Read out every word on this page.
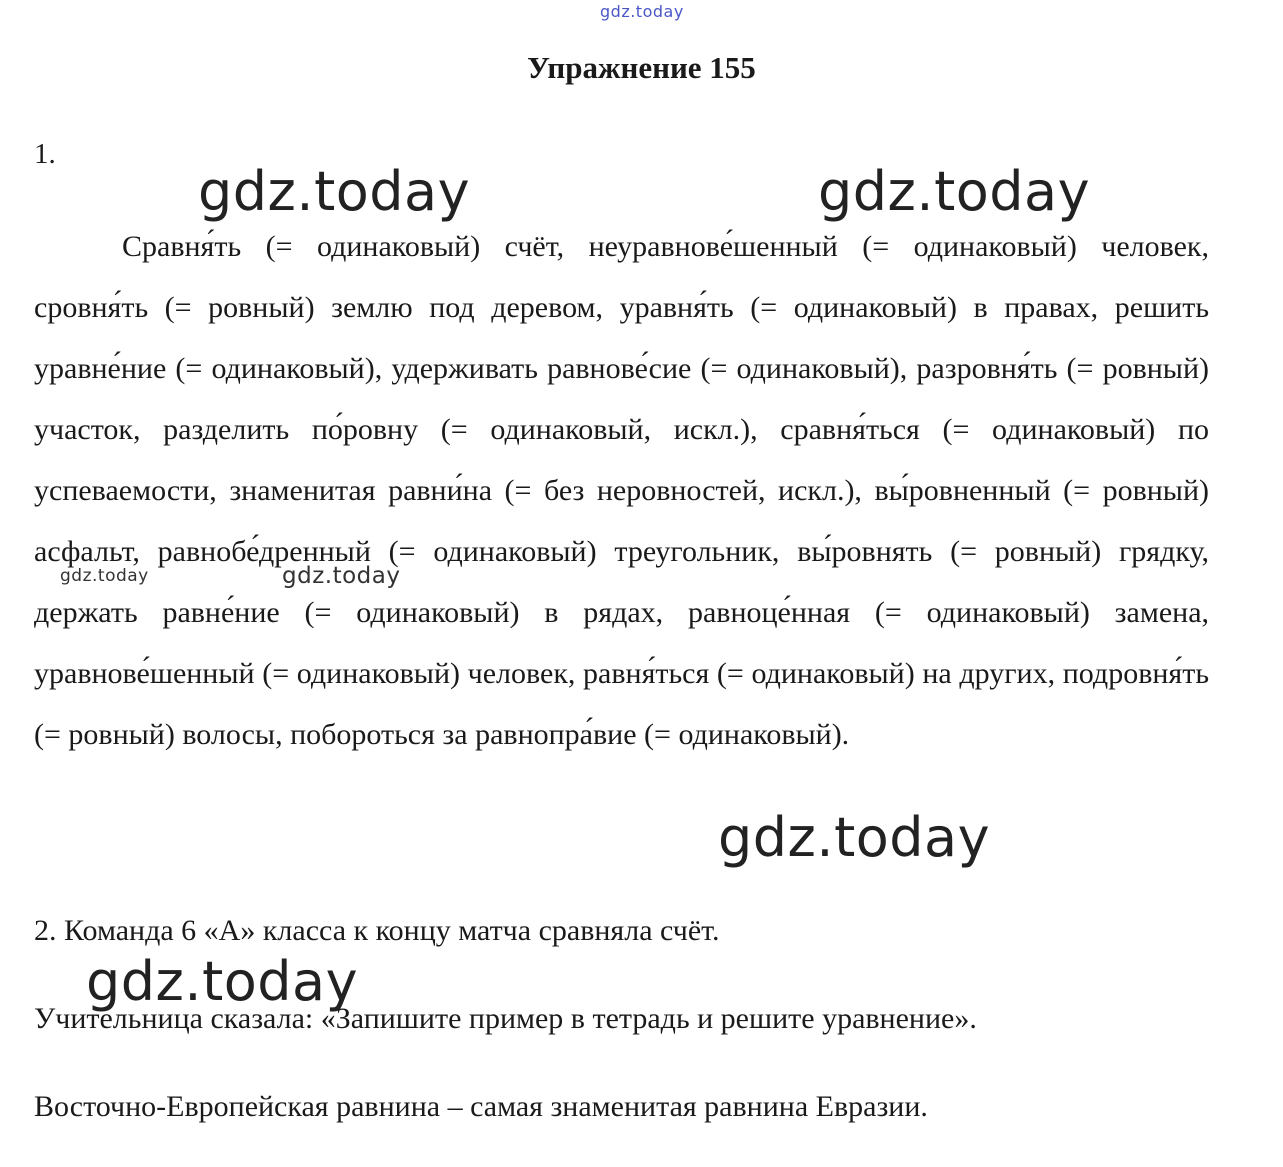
gdz.today
Упражнение 155
1.
gdz.today	gdz.today
Сравня́ть (= одинаковый) счёт, неуравнове́шенный (= одинаковый) человек, сровня́ть (= ровный) землю под деревом, уравня́ть (= одинаковый) в правах, решить уравне́ние (= одинаковый), удерживать равнове́сие (= одинаковый), разровня́ть (= ровный) участок, разделить по́ровну (= одинаковый, искл.), сравня́ться (= одинаковый) по успеваемости, знаменитая равни́на (= без неровностей, искл.), вы́ровненный (= ровный) асфальт, равнобе́дренный (= одинаковый) треугольник, вы́ровнять (= ровный) грядку, держать равне́ние (= одинаковый) в рядах, равноце́нная (= одинаковый) замена, уравнове́шенный (= одинаковый) человек, равня́ться (= одинаковый) на других, подровня́ть (= ровный) волосы, побороться за равнопра́вие (= одинаковый).
gdz.today	gdz.today
gdz.today
2. Команда 6 «А» класса к концу матча сравняла счёт.
gdz.today
Учительница сказала: «Запишите пример в тетрадь и решите уравнение».
Восточно-Европейская равнина – самая знаменитая равнина Евразии.
